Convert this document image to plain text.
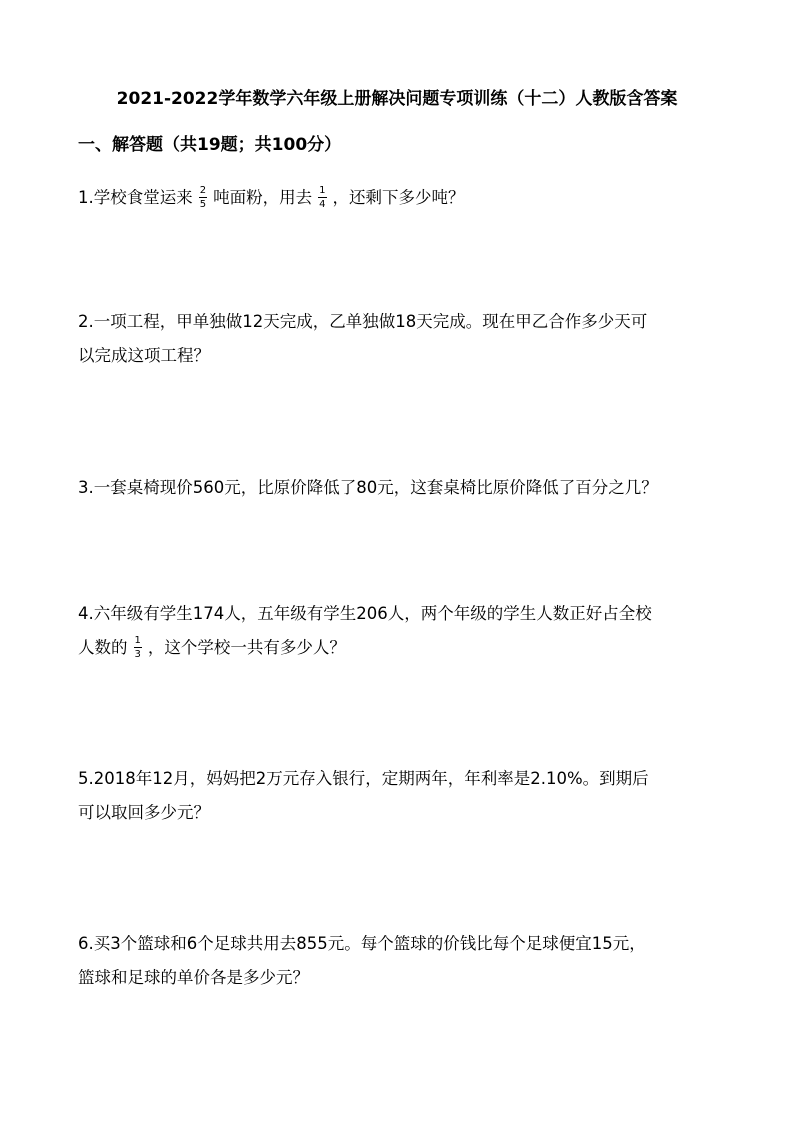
2021-2022学年数学六年级上册解决问题专项训练（十二）人教版含答案
一、解答题（共19题；共100分）

1.学校食堂运来 $\frac{2}{5}$ 吨面粉，用去 $\frac{1}{4}$ ，还剩下多少吨？

2.一项工程，甲单独做12天完成，乙单独做18天完成。现在甲乙合作多少天可

以完成这项工程？

3.一套桌椅现价560元，比原价降低了80元，这套桌椅比原价降低了百分之几？

4.六年级有学生174人，五年级有学生206人，两个年级的学生人数正好占全校

人数的 $\frac{1}{3}$ ，这个学校一共有多少人？

5.2018年12月，妈妈把2万元存入银行，定期两年，年利率是2.10%。到期后

可以取回多少元？

6.买3个篮球和6个足球共用去855元。每个篮球的价钱比每个足球便宜15元，

篮球和足球的单价各是多少元？
